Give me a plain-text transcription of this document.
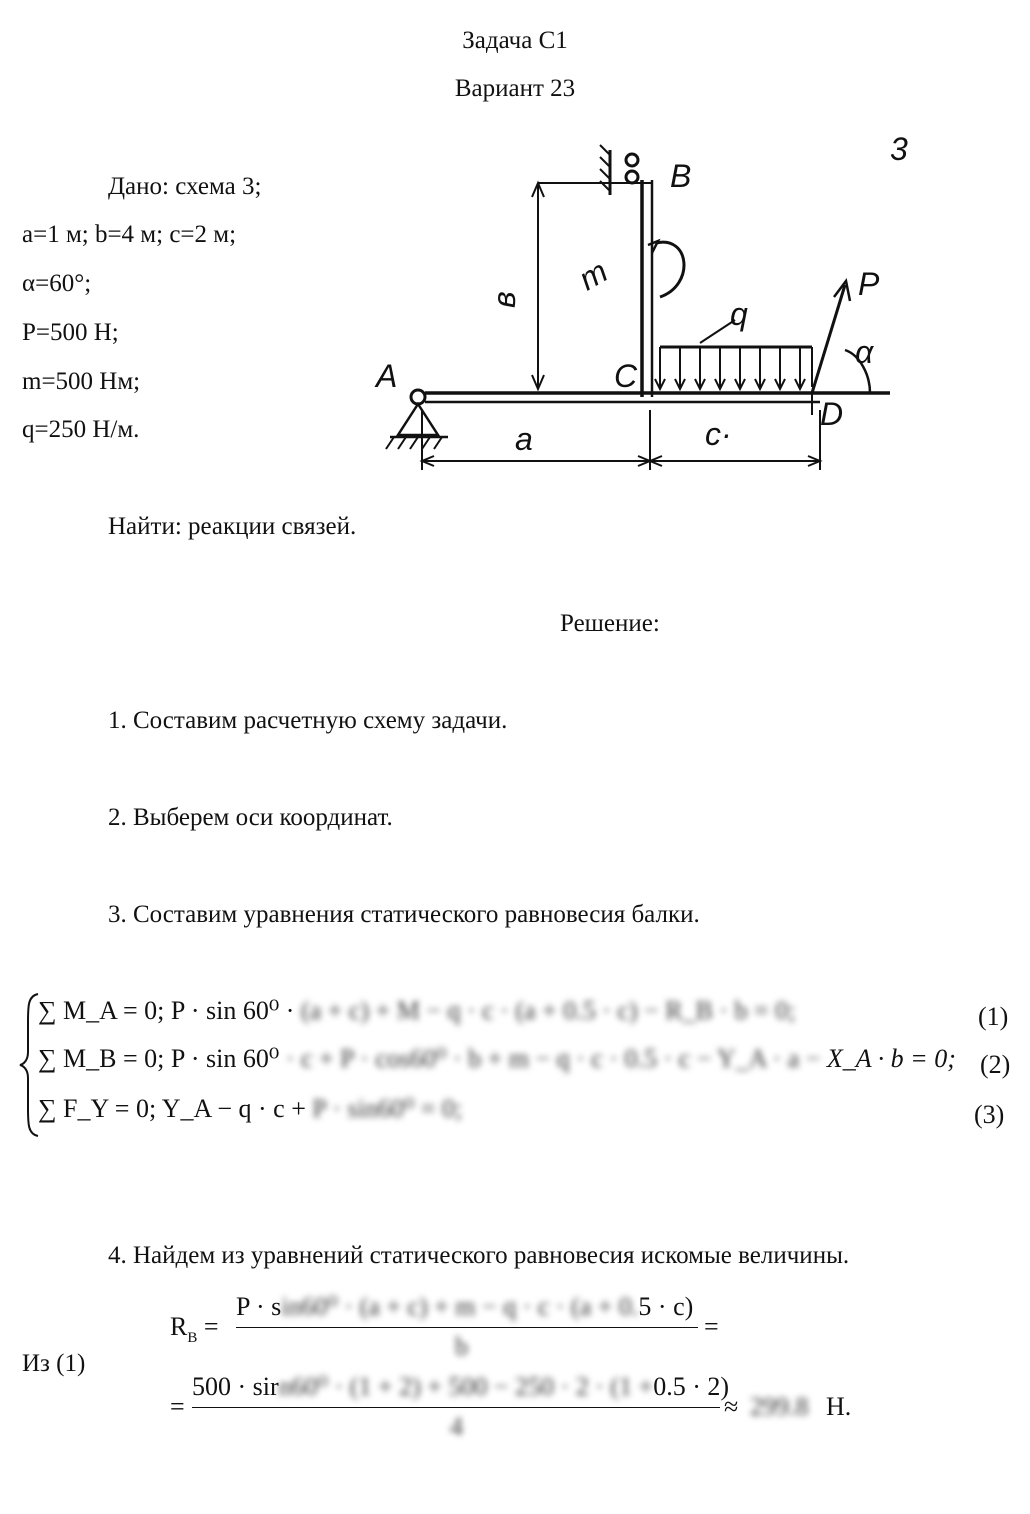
Задача С1
Вариант 23
Дано: схема 3;
a=1 м; b=4 м; c=2 м;
α=60°;
P=500 Н;
m=500 Нм;
q=250 Н/м.
3
A
B
C
D
a
в
c·
q
m	P
α
Найти: реакции связей.
Решение:
1. Составим расчетную схему задачи.
2. Выберем оси координат.
3. Составим уравнения статического равновесия балки.
∑ M_A = 0; P · sin 60⁰ · (a + c) + M − q · c · (a + 0.5 · c) − R_B · b = 0;	(1)
∑ M_B = 0; P · sin 60⁰ · c + P · cos60⁰ · b + m − q · c · 0.5 · c − Y_A · a − X_A · b = 0; (2)
∑ F_Y = 0; Y_A − q · c + P · sin60⁰ = 0;	(3)
4. Найдем из уравнений статического равновесия искомые величины.
Из (1)
$R_B$ =
P · sin60⁰ · (a + c) + m − q · c · (a + 0.5 · c)
b
=
=
500 · sirn60⁰ · (1 + 2) + 500 − 250 · 2 · (1 +0.5 · 2)
4
≈ 299.8 Н.
